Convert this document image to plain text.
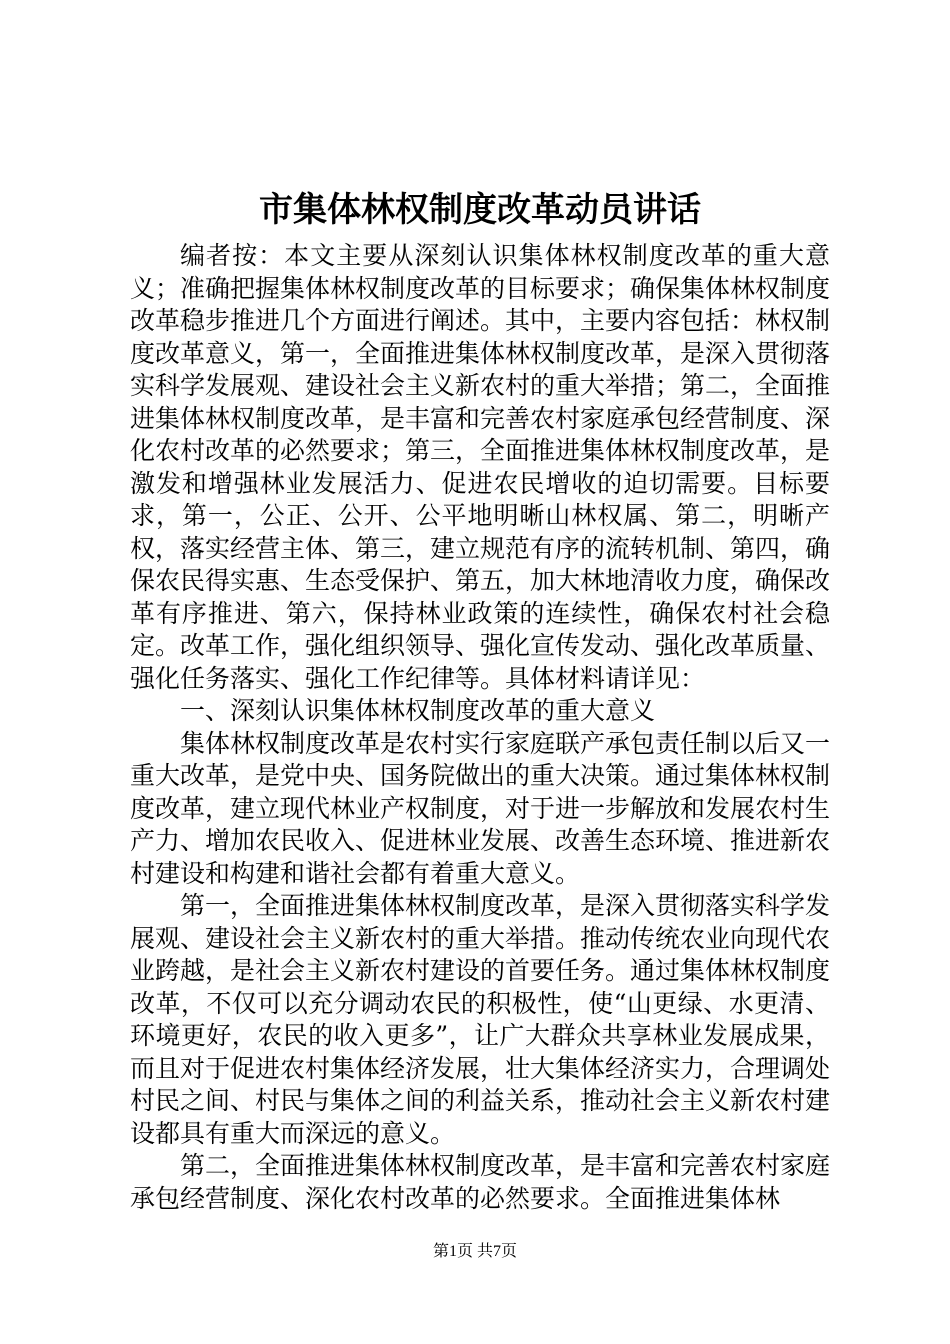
市集体林权制度改革动员讲话

编者按：本文主要从深刻认识集体林权制度改革的重大意义；准确把握集体林权制度改革的目标要求；确保集体林权制度改革稳步推进几个方面进行阐述。其中，主要内容包括：林权制度改革意义，第一，全面推进集体林权制度改革，是深入贯彻落实科学发展观、建设社会主义新农村的重大举措；第二，全面推进集体林权制度改革，是丰富和完善农村家庭承包经营制度、深化农村改革的必然要求；第三，全面推进集体林权制度改革，是激发和增强林业发展活力、促进农民增收的迫切需要。目标要求，第一，公正、公开、公平地明晰山林权属、第二，明晰产权，落实经营主体、第三，建立规范有序的流转机制、第四，确保农民得实惠、生态受保护、第五，加大林地清收力度，确保改革有序推进、第六，保持林业政策的连续性，确保农村社会稳定。改革工作，强化组织领导、强化宣传发动、强化改革质量、强化任务落实、强化工作纪律等。具体材料请详见：

一、深刻认识集体林权制度改革的重大意义

集体林权制度改革是农村实行家庭联产承包责任制以后又一重大改革，是党中央、国务院做出的重大决策。通过集体林权制度改革，建立现代林业产权制度，对于进一步解放和发展农村生产力、增加农民收入、促进林业发展、改善生态环境、推进新农村建设和构建和谐社会都有着重大意义。

第一，全面推进集体林权制度改革，是深入贯彻落实科学发展观、建设社会主义新农村的重大举措。推动传统农业向现代农业跨越，是社会主义新农村建设的首要任务。通过集体林权制度改革，不仅可以充分调动农民的积极性，使“山更绿、水更清、环境更好，农民的收入更多”，让广大群众共享林业发展成果，而且对于促进农村集体经济发展，壮大集体经济实力，合理调处村民之间、村民与集体之间的利益关系，推动社会主义新农村建设都具有重大而深远的意义。

第二，全面推进集体林权制度改革，是丰富和完善农村家庭承包经营制度、深化农村改革的必然要求。全面推进集体林

第1页 共7页
